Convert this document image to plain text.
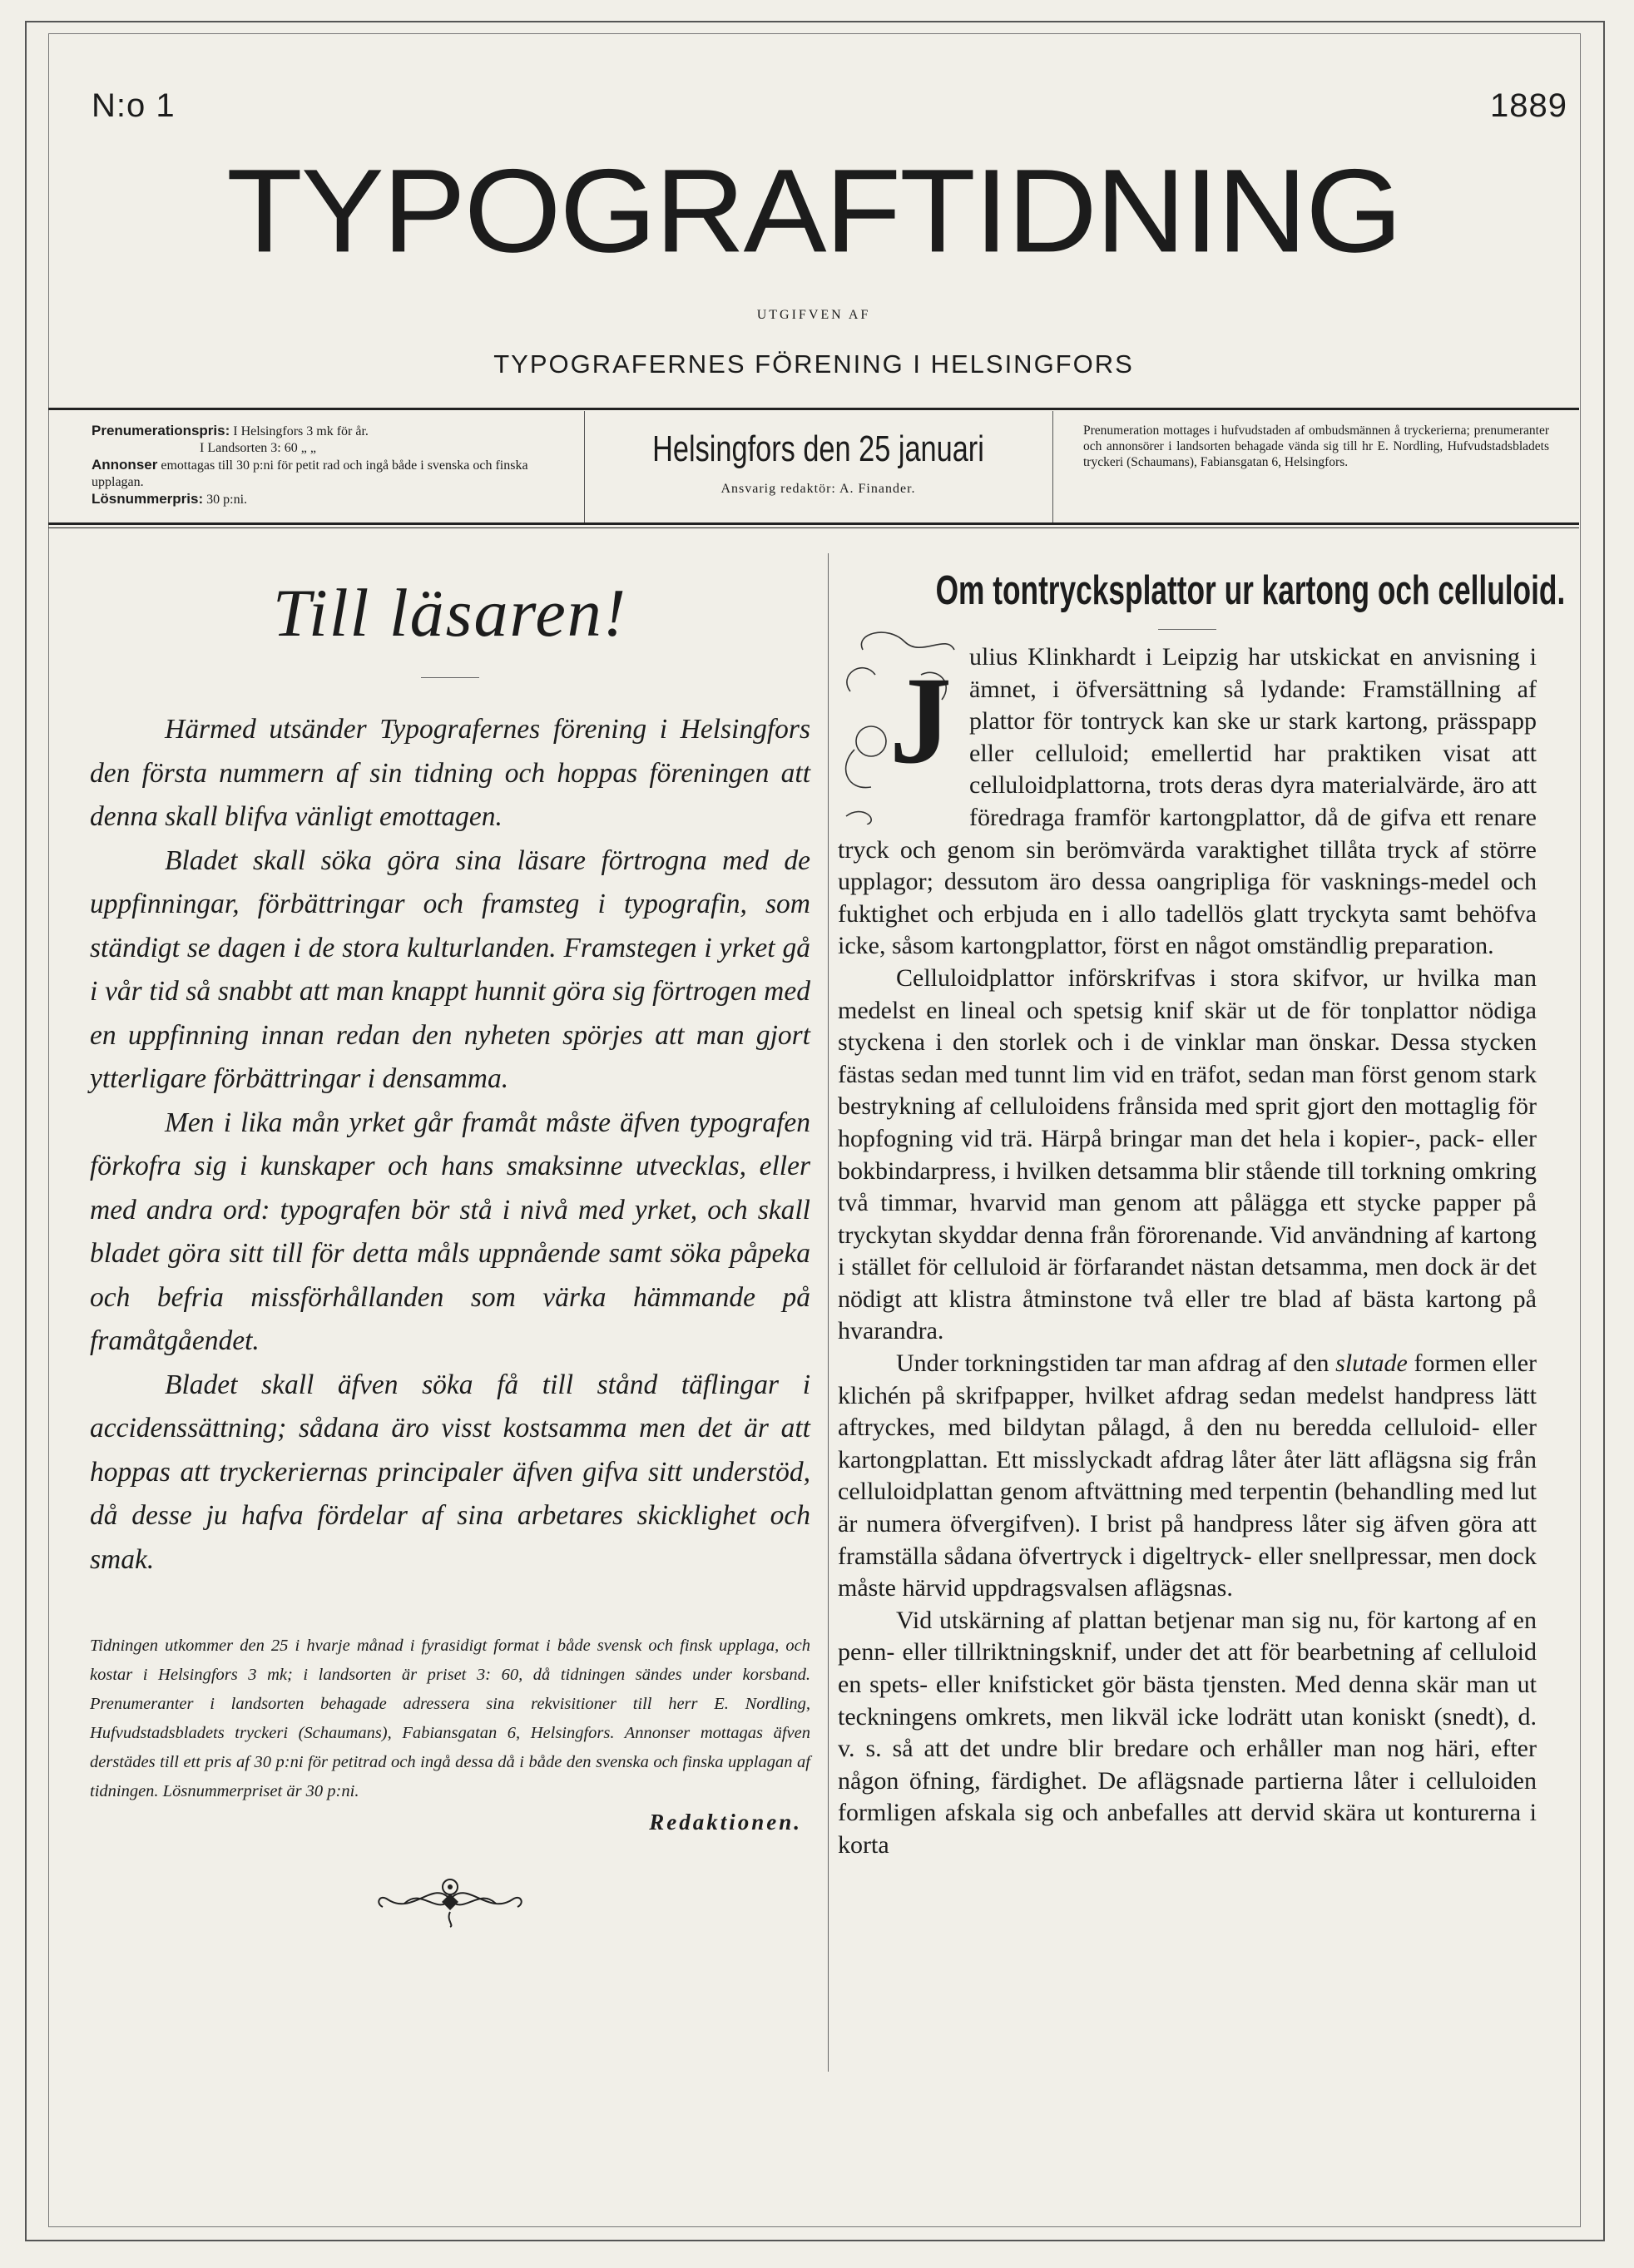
N:o 1	1889
TYPOGRAFTIDNING
UTGIFVEN AF
TYPOGRAFERNES FÖRENING I HELSINGFORS
Prenumerationspris: I Helsingfors 3 mk för år.
I Landsorten 3: 60 „ „
Annonser emottagas till 30 p:ni för petit rad och ingå både i svenska och finska upplagan.
Lösnummerpris: 30 p:ni.
Helsingfors den 25 januari
Ansvarig redaktör: A. Finander.
Prenumeration mottages i hufvudstaden af ombudsmännen å tryckerierna; prenumeranter och annonsörer i landsorten behagade vända sig till hr E. Nordling, Hufvudstadsbladets tryckeri (Schaumans), Fabiansgatan 6, Helsingfors.
Till läsaren!

Härmed utsänder Typografernes förening i Helsingfors den första nummern af sin tidning och hoppas föreningen att denna skall blifva vänligt emottagen.

Bladet skall söka göra sina läsare förtrogna med de uppfinningar, förbättringar och framsteg i typografin, som ständigt se dagen i de stora kulturlanden. Framstegen i yrket gå i vår tid så snabbt att man knappt hunnit göra sig förtrogen med en uppfinning innan redan den nyheten spörjes att man gjort ytterligare förbättringar i densamma.

Men i lika mån yrket går framåt måste äfven typografen förkofra sig i kunskaper och hans smaksinne utvecklas, eller med andra ord: typografen bör stå i nivå med yrket, och skall bladet göra sitt till för detta måls uppnående samt söka påpeka och befria missförhållanden som värka hämmande på framåtgåendet.

Bladet skall äfven söka få till stånd täflingar i accidenssättning; sådana äro visst kostsamma men det är att hoppas att tryckeriernas principaler äfven gifva sitt understöd, då desse ju hafva fördelar af sina arbetares skicklighet och smak.

Tidningen utkommer den 25 i hvarje månad i fyrasidigt format i både svensk och finsk upplaga, och kostar i Helsingfors 3 mk; i landsorten är priset 3: 60, då tidningen sändes under korsband. Prenumeranter i landsorten behagade adressera sina rekvisitioner till herr E. Nordling, Hufvudstadsbladets tryckeri (Schaumans), Fabiansgatan 6, Helsingfors. Annonser mottagas äfven derstädes till ett pris af 30 p:ni för petitrad och ingå dessa då i både den svenska och finska upplagan af tidningen. Lösnummerpriset är 30 p:ni.
Redaktionen.
Om tontrycksplattor ur kartong och celluloid.
J ulius Klinkhardt i Leipzig har utskickat en anvisning i ämnet, i öfversättning så lydande: Framställning af plattor för tontryck kan ske ur stark kartong, prässpapp eller celluloid; emellertid har praktiken visat att celluloidplattorna, trots deras dyra materialvärde, äro att föredraga framför kartongplattor, då de gifva ett renare tryck och genom sin berömvärda varaktighet tillåta tryck af större upplagor; dessutom äro dessa oangripliga för vasknings-medel och fuktighet och erbjuda en i allo tadellös glatt tryckyta samt behöfva icke, såsom kartongplattor, först en något omständlig preparation.

Celluloidplattor införskrifvas i stora skifvor, ur hvilka man medelst en lineal och spetsig knif skär ut de för tonplattor nödiga styckena i den storlek och i de vinklar man önskar. Dessa stycken fästas sedan med tunnt lim vid en träfot, sedan man först genom stark bestrykning af celluloidens frånsida med sprit gjort den mottaglig för hopfogning vid trä. Härpå bringar man det hela i kopier-, pack- eller bokbindarpress, i hvilken detsamma blir stående till torkning omkring två timmar, hvarvid man genom att pålägga ett stycke papper på tryckytan skyddar denna från förorenande. Vid användning af kartong i stället för celluloid är förfarandet nästan detsamma, men dock är det nödigt att klistra åtminstone två eller tre blad af bästa kartong på hvarandra.

Under torkningstiden tar man afdrag af den slutade formen eller klichén på skrifpapper, hvilket afdrag sedan medelst handpress lätt aftryckes, med bildytan pålagd, å den nu beredda celluloid- eller kartongplattan. Ett misslyckadt afdrag låter åter lätt aflägsna sig från celluloidplattan genom aftvättning med terpentin (behandling med lut är numera öfvergifven). I brist på handpress låter sig äfven göra att framställa sådana öfvertryck i digeltryck- eller snellpressar, men dock måste härvid uppdragsvalsen aflägsnas.

Vid utskärning af plattan betjenar man sig nu, för kartong af en penn- eller tillriktningsknif, under det att för bearbetning af celluloid en spets- eller knifsticket gör bästa tjensten. Med denna skär man ut teckningens omkrets, men likväl icke lodrätt utan koniskt (snedt), d. v. s. så att det undre blir bredare och erhåller man nog häri, efter någon öfning, färdighet. De aflägsnade partierna låter i celluloiden formligen afskala sig och anbefalles att dervid skära ut konturerna i korta
